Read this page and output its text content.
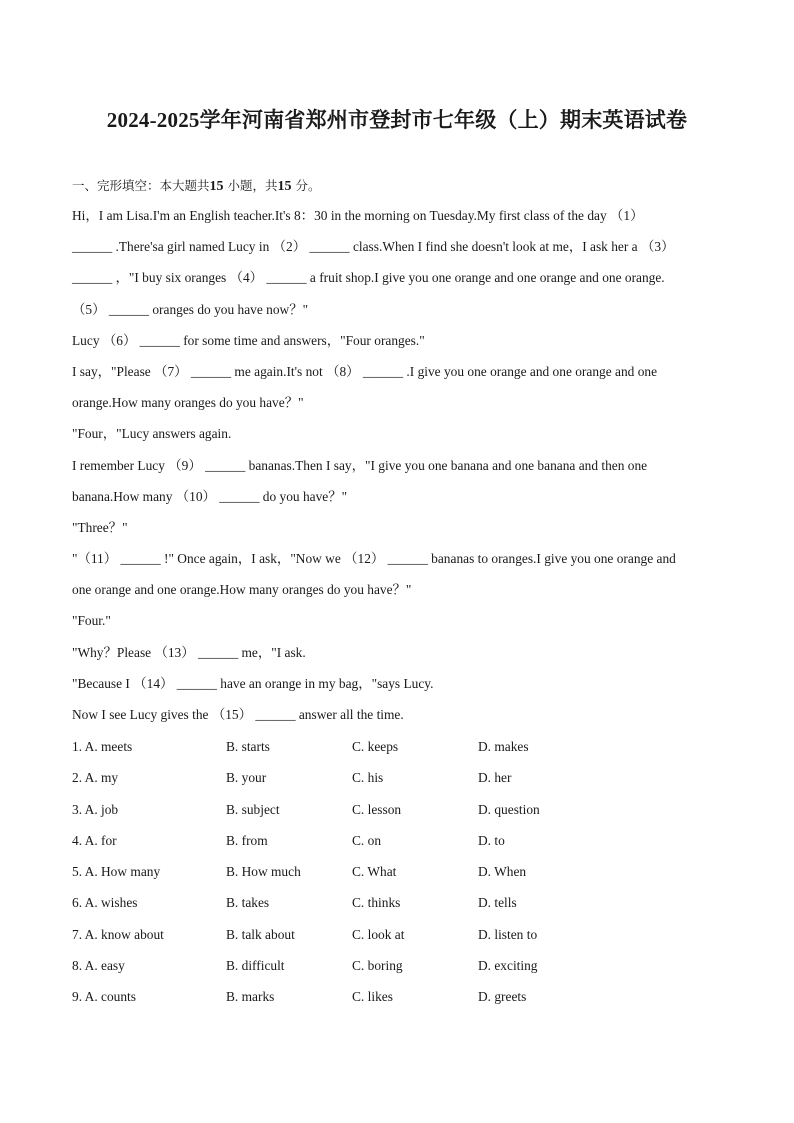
2024-2025学年河南省郑州市登封市七年级（上）期末英语试卷
一、完形填空：本大题共15 小题，共15 分。
Hi，I am Lisa.I'm an English teacher.It's 8：30 in the morning on Tuesday.My first class of the day （1）
______ .There'sa girl named Lucy in （2） ______ class.When I find she doesn't look at me，I ask her a （3）
______ ，"I buy six oranges （4） ______ a fruit shop.I give you one orange and one orange and one orange.
（5） ______ oranges do you have now？"
Lucy （6） ______ for some time and answers，"Four oranges."
I say，"Please （7） ______ me again.It's not （8） ______ .I give you one orange and one orange and one
orange.How many oranges do you have？"
"Four，"Lucy answers again.
I remember Lucy （9） ______ bananas.Then I say，"I give you one banana and one banana and then one
banana.How many （10） ______ do you have？"
"Three？"
"（11） ______ !" Once again，I ask，"Now we （12） ______ bananas to oranges.I give you one orange and
one orange and one orange.How many oranges do you have？"
"Four."
"Why？Please （13） ______ me，"I ask.
"Because I （14） ______ have an orange in my bag，"says Lucy.
Now I see Lucy gives the （15） ______ answer all the time.
1. A. meets	B. starts	C. keeps	D. makes
2. A. my	B. your	C. his	D. her
3. A. job	B. subject	C. lesson	D. question
4. A. for	B. from	C. on	D. to
5. A. How many	B. How much	C. What	D. When
6. A. wishes	B. takes	C. thinks	D. tells
7. A. know about	B. talk about	C. look at	D. listen to
8. A. easy	B. difficult	C. boring	D. exciting
9. A. counts	B. marks	C. likes	D. greets
